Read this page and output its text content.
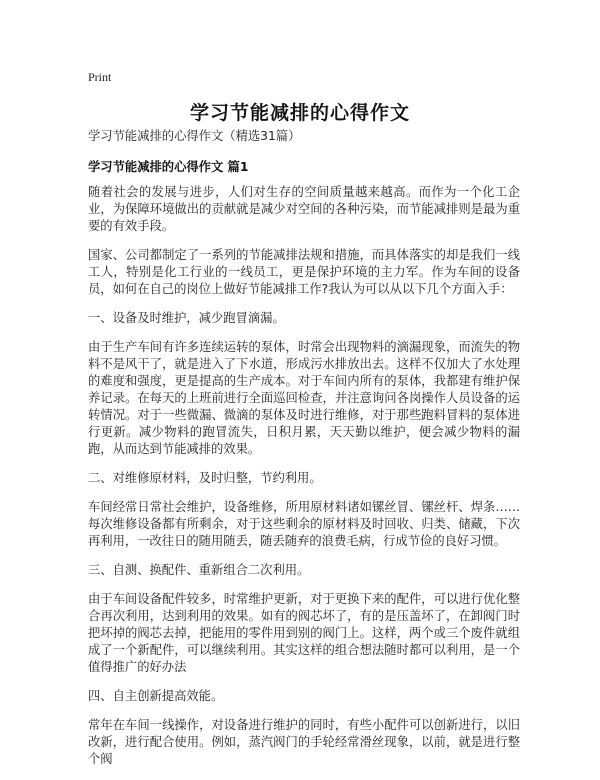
Print
学习节能减排的心得作文

学习节能减排的心得作文（精选31篇）

学习节能减排的心得作文 篇1

随着社会的发展与进步，人们对生存的空间质量越来越高。而作为一个化工企业，为保障环境做出的贡献就是减少对空间的各种污染，而节能减排则是最为重要的有效手段。

国家、公司都制定了一系列的节能减排法规和措施，而具体落实的却是我们一线工人，特别是化工行业的一线员工，更是保护环境的主力军。作为车间的设备员，如何在自己的岗位上做好节能减排工作?我认为可以从以下几个方面入手：

一、设备及时维护，减少跑冒滴漏。

由于生产车间有许多连续运转的泵体，时常会出现物料的滴漏现象，而流失的物料不是风干了，就是进入了下水道，形成污水排放出去。这样不仅加大了水处理的难度和强度，更是提高的生产成本。对于车间内所有的泵体，我都建有维护保养记录。在每天的上班前进行全面巡回检查，并注意询问各岗操作人员设备的运转情况。对于一些微漏、微滴的泵体及时进行维修，对于那些跑料冒料的泵体进行更新。减少物料的跑冒流失，日积月累，天天勤以维护，便会减少物料的漏跑，从而达到节能减排的效果。

二、对维修原材料，及时归整，节约利用。

车间经常日常社会维护，设备维修，所用原材料诸如镙丝冒、镙丝杆、焊条……每次维修设备都有所剩余，对于这些剩余的原材料及时回收、归类、储藏，下次再利用，一改往日的随用随丢，随丢随弃的浪费毛病，行成节俭的良好习惯。

三、自测、换配件、重新组合二次利用。

由于车间设备配件较多，时常维护更新，对于更换下来的配件，可以进行优化整合再次利用，达到利用的效果。如有的阀芯坏了，有的是压盖坏了，在卸阀门时把坏掉的阀芯去掉，把能用的零件用到别的阀门上。这样，两个或三个废件就组成了一个新配件，可以继续利用。其实这样的组合想法随时都可以利用，是一个值得推广的好办法

四、自主创新提高效能。

常年在车间一线操作，对设备进行维护的同时，有些小配件可以创新进行，以旧改新，进行配合使用。例如，蒸汽阀门的手轮经常滑丝现象，以前，就是进行整个阀
